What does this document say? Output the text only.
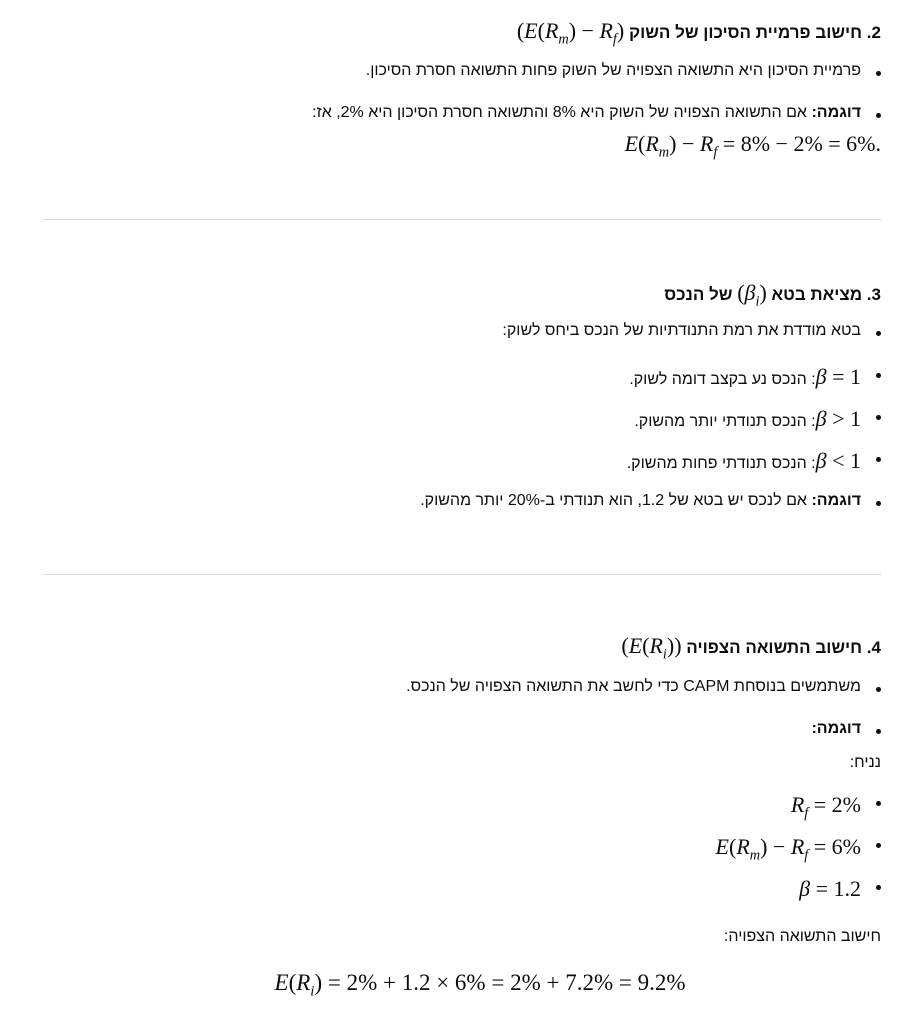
2. חישוב פרמיית הסיכון של השוק $(E(R_m) - R_f)$
פרמיית הסיכון היא התשואה הצפויה של השוק פחות התשואה חסרת הסיכון.
דוגמה: אם התשואה הצפויה של השוק היא 8% והתשואה חסרת הסיכון היא 2%, אז:
$E(R_m) - R_f = 8\% - 2\% = 6\%$.
3. מציאת בטא $(\beta_i)$ של הנכס
בטא מודדת את רמת התנודתיות של הנכס ביחס לשוק:
β = 1: הנכס נע בקצב דומה לשוק.
β > 1: הנכס תנודתי יותר מהשוק.
β < 1: הנכס תנודתי פחות מהשוק.
דוגמה: אם לנכס יש בטא של 1.2, הוא תנודתי ב-20% יותר מהשוק.
4. חישוב התשואה הצפויה $(E(R_i))$
משתמשים בנוסחת CAPM כדי לחשב את התשואה הצפויה של הנכס.
דוגמה:
נניח:
$R_f = 2\%$
$E(R_m) - R_f = 6\%$
β = 1.2
חישוב התשואה הצפויה:
$E(R_i) = 2\% + 1.2 \times 6\% = 2\% + 7.2\% = 9.2\%$
